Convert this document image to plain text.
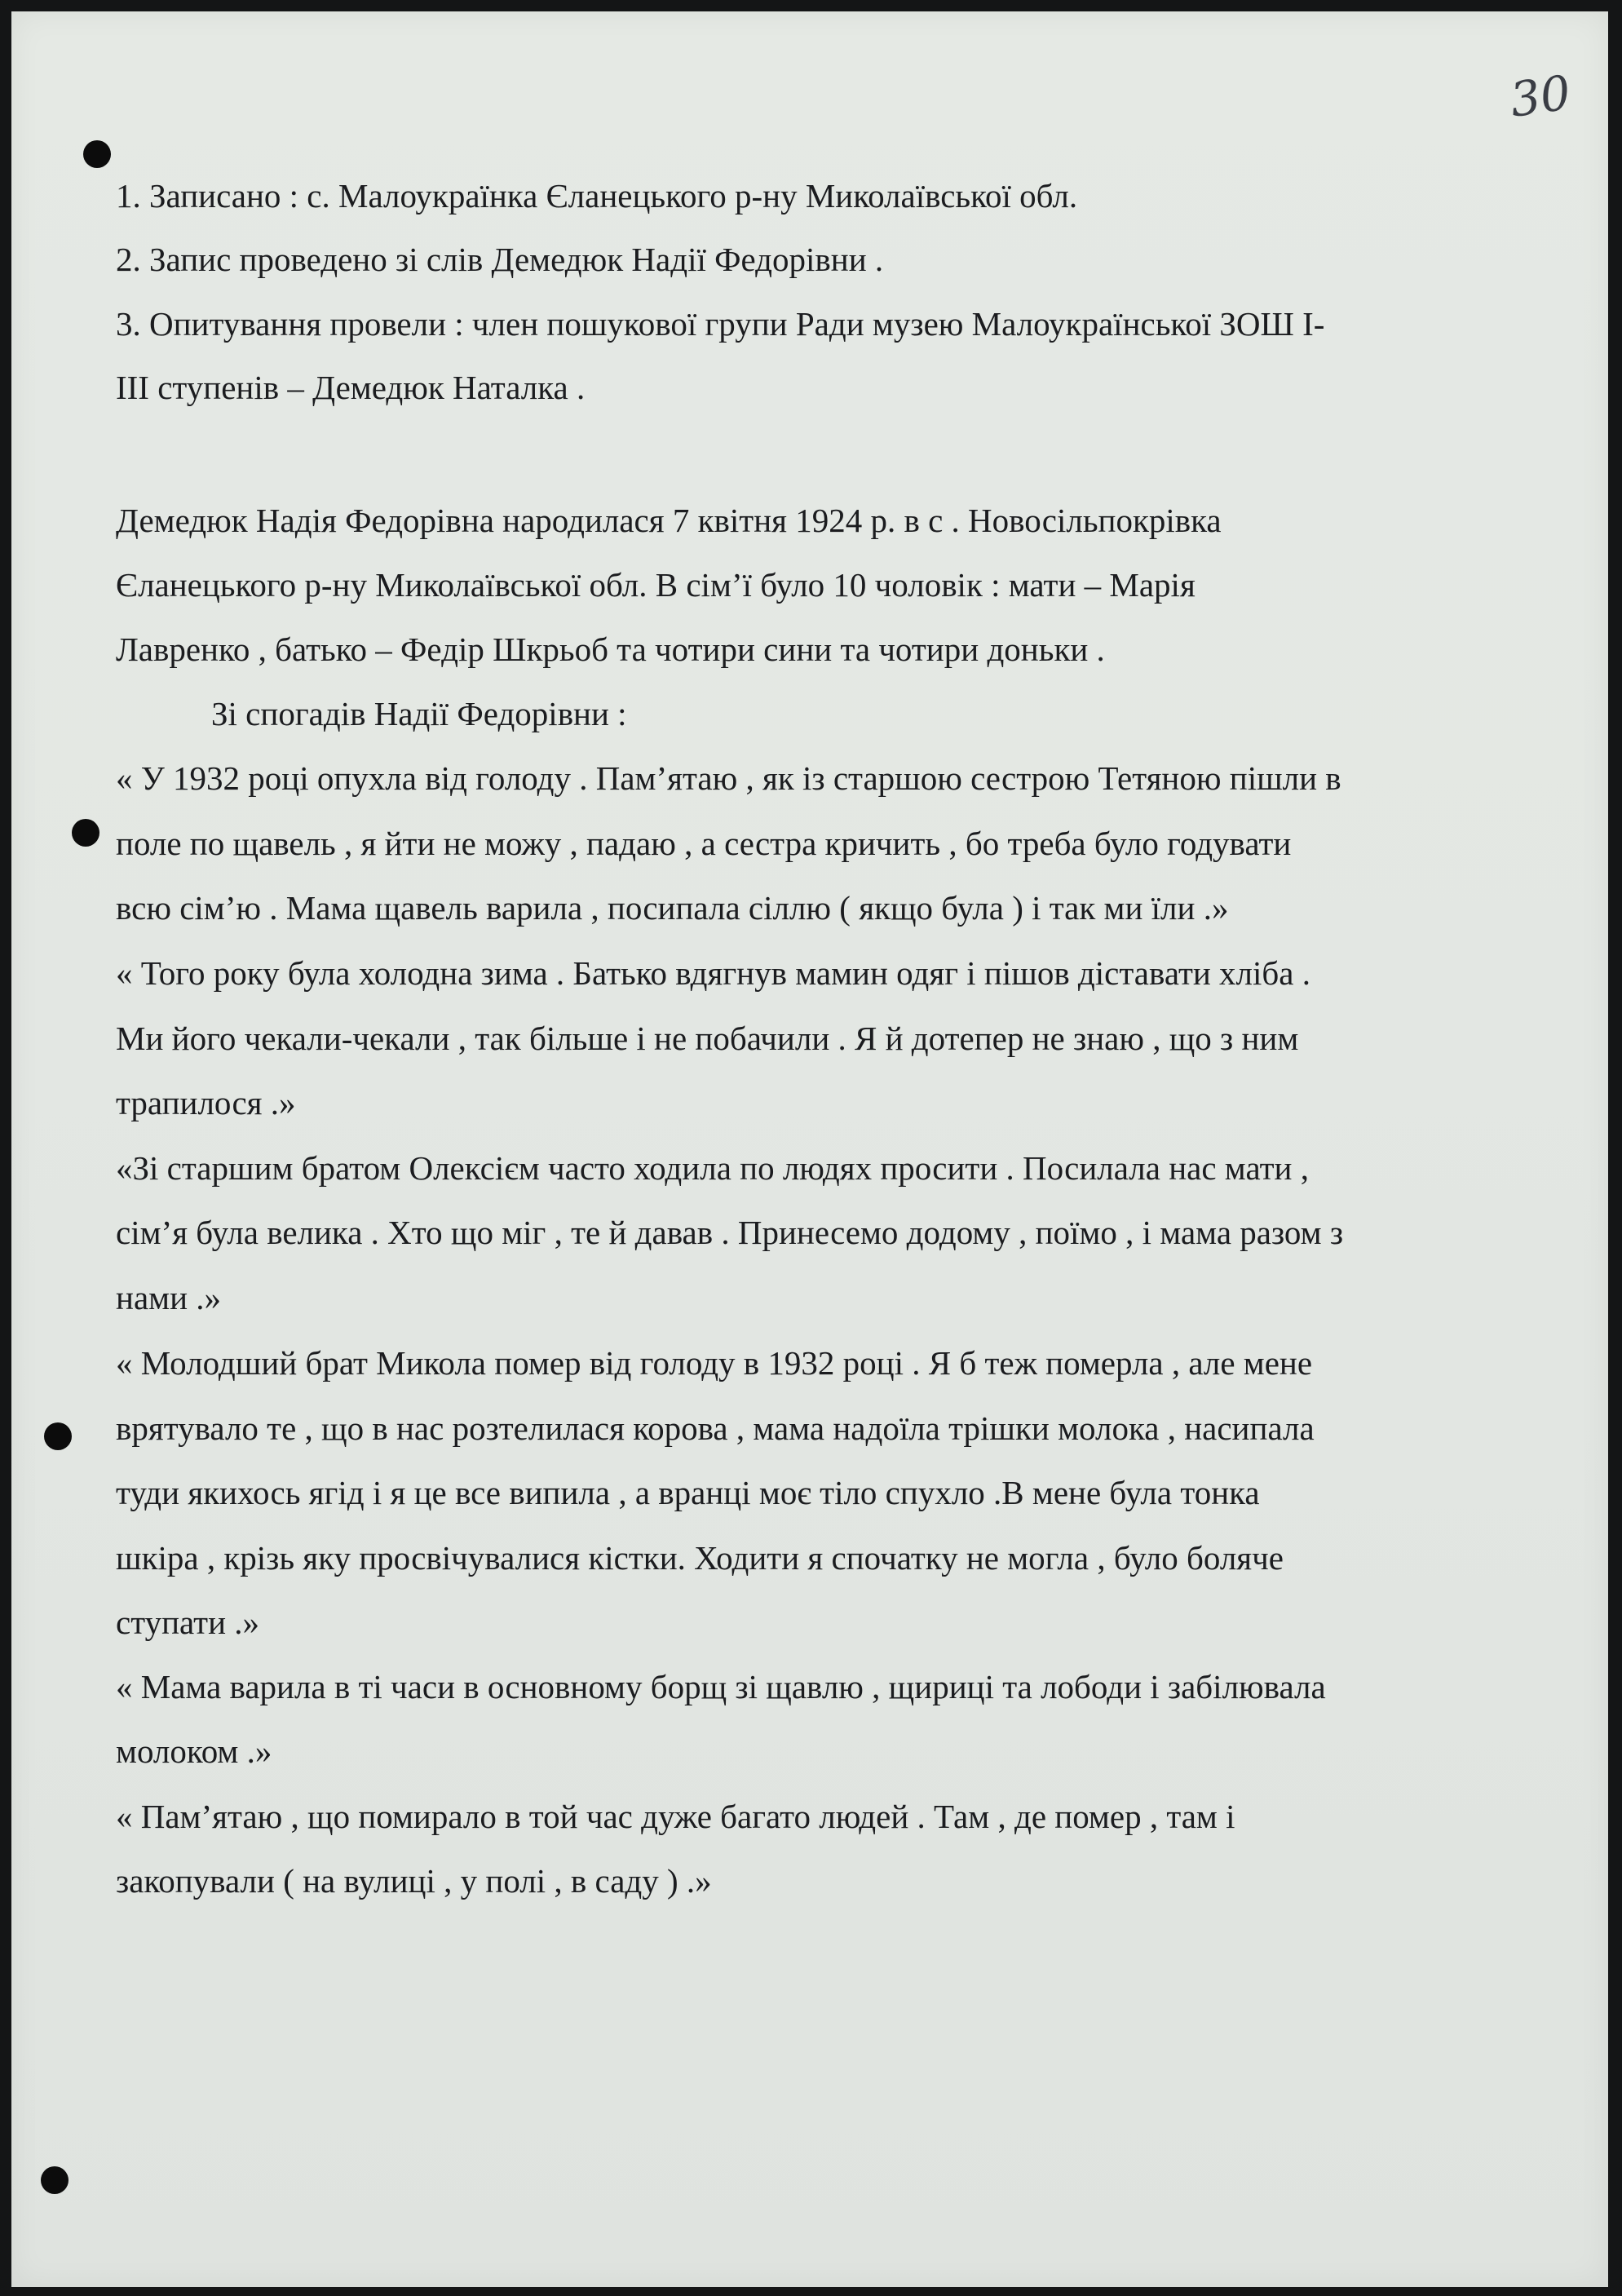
30
1. Записано : с. Малоукраїнка Єланецького р-ну Миколаївської обл.
2. Запис проведено зі слів Демедюк Надії Федорівни .
3. Опитування провели : член пошукової групи Ради музею Малоукраїнської ЗОШ І-
ІІІ ступенів – Демедюк Наталка .
Демедюк Надія Федорівна народилася 7 квітня 1924 р. в с . Новосільпокрівка
Єланецького р-ну Миколаївської обл. В сім’ї було 10 чоловік : мати – Марія
Лавренко , батько – Федір Шкрьоб та чотири сини та чотири доньки .
Зі спогадів Надії Федорівни :
« У 1932 році опухла від голоду . Пам’ятаю , як із старшою сестрою Тетяною пішли в
поле по щавель , я йти не можу , падаю , а сестра кричить , бо треба було годувати
всю сім’ю . Мама щавель варила , посипала сіллю ( якщо була ) і так ми їли .»
« Того року була холодна зима . Батько вдягнув мамин одяг і пішов діставати хліба .
Ми його чекали-чекали , так більше і не побачили . Я й дотепер не знаю , що з ним
трапилося .»
«Зі старшим братом Олексієм часто ходила по людях просити . Посилала нас мати ,
сім’я була велика . Хто що міг , те й давав . Принесемо додому , поїмо , і мама разом з
нами .»
« Молодший брат Микола помер від голоду в 1932 році . Я б теж померла , але мене
врятувало те , що в нас розтелилася корова , мама надоїла трішки молока , насипала
туди якихось ягід і я це все випила , а вранці моє тіло спухло .В мене була тонка
шкіра , крізь яку просвічувалися кістки. Ходити я спочатку не могла , було боляче
ступати .»
« Мама варила в ті часи в основному борщ зі щавлю , щириці та лободи і забілювала
молоком .»
« Пам’ятаю , що помирало в той час дуже багато людей . Там , де помер , там і
закопували ( на вулиці , у полі , в саду ) .»
